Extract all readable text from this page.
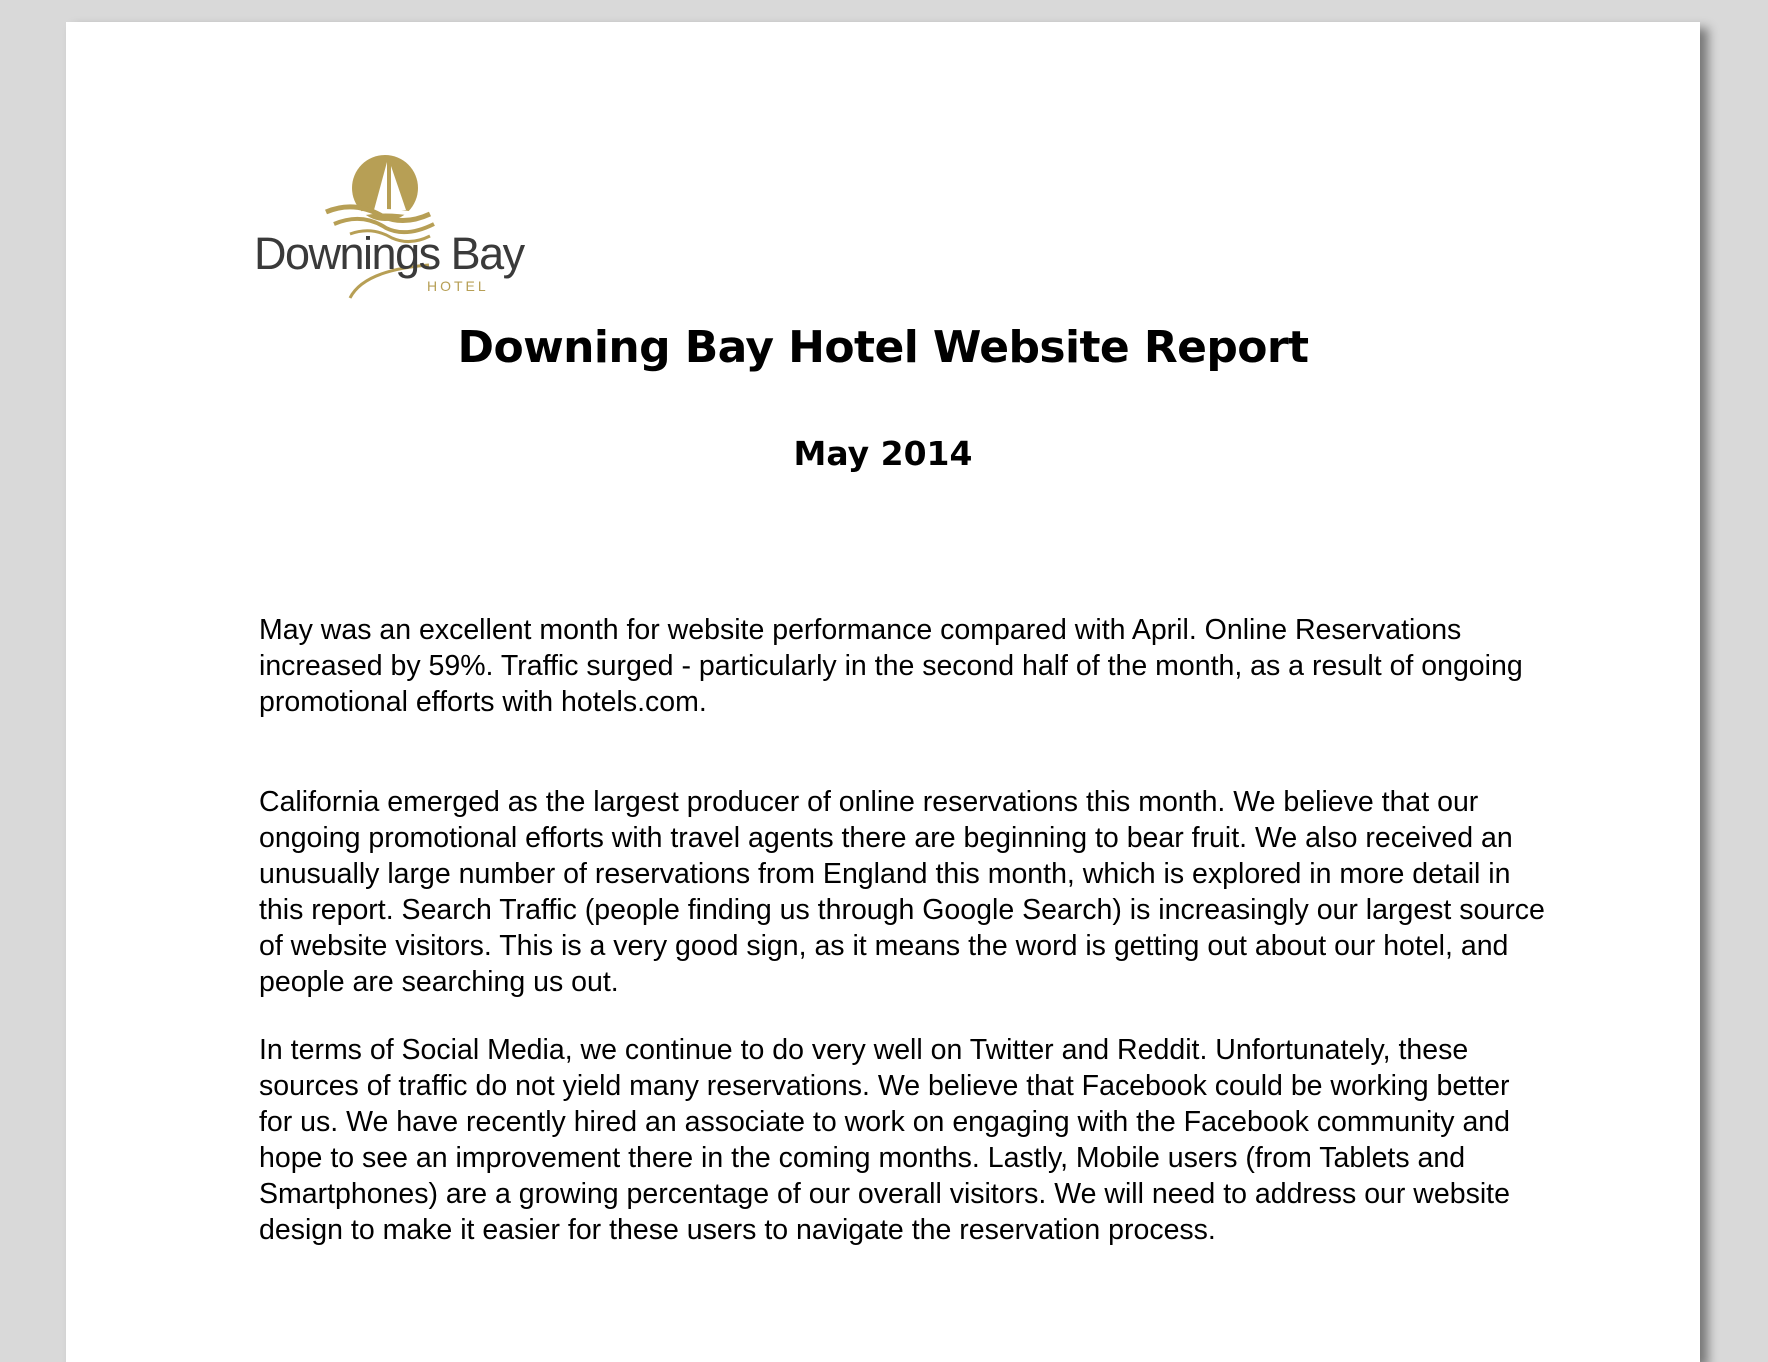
Downings Bay
HOTEL
Downing Bay Hotel Website Report
May 2014

May was an excellent month for website performance compared with April. Online Reservations increased by 59%. Traffic surged - particularly in the second half of the month, as a result of ongoing promotional efforts with hotels.com.

California emerged as the largest producer of online reservations this month. We believe that our ongoing promotional efforts with travel agents there are beginning to bear fruit. We also received an unusually large number of reservations from England this month, which is explored in more detail in this report. Search Traffic (people finding us through Google Search) is increasingly our largest source of website visitors. This is a very good sign, as it means the word is getting out about our hotel, and people are searching us out.

In terms of Social Media, we continue to do very well on Twitter and Reddit. Unfortunately, these sources of traffic do not yield many reservations. We believe that Facebook could be working better for us. We have recently hired an associate to work on engaging with the Facebook community and hope to see an improvement there in the coming months. Lastly, Mobile users (from Tablets and Smartphones) are a growing percentage of our overall visitors. We will need to address our website design to make it easier for these users to navigate the reservation process.
